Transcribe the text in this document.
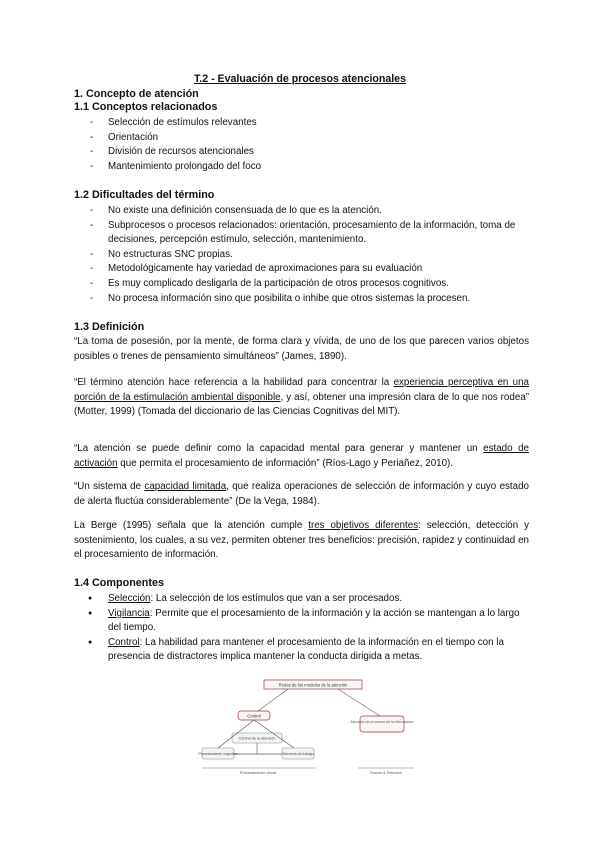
T.2 - Evaluación de procesos atencionales
1. Concepto de atención
1.1 Conceptos relacionados
- Selección de estímulos relevantes
- Orientación
- División de recursos atencionales
- Mantenimiento prolongado del foco
1.2 Dificultades del término
- No existe una definición consensuada de lo que es la atención.
- Subprocesos o procesos relacionados: orientación, procesamiento de la información, toma de decisiones, percepción estímulo, selección, mantenimiento.
- No estructuras SNC propias.
- Metodológicamente hay variedad de aproximaciones para su evaluación
- Es muy complicado desligarla de la participación de otros procesos cognitivos.
- No procesa información sino que posibilita o inhibe que otros sistemas la procesen.
1.3 Definición
“La toma de posesión, por la mente, de forma clara y vívida, de uno de los que parecen varios objetos posibles o trenes de pensamiento simultáneos” (James, 1890).
“El término atención hace referencia a la habilidad para concentrar la experiencia perceptiva en una porción de la estimulación ambiental disponible, y así, obtener una impresión clara de lo que nos rodea” (Motter, 1999) (Tomada del diccionario de las Ciencias Cognitivas del MIT).
“La atención se puede definir como la capacidad mental para generar y mantener un estado de activación que permita el procesamiento de información” (Ríos-Lago y Periañez, 2010).
“Un sistema de capacidad limitada, que realiza operaciones de selección de información y cuyo estado de alerta fluctúa considerablemente” (De la Vega, 1984).
La Berge (1995) señala que la atención cumple tres objetivos diferentes: selección, detección y sostenimiento, los cuales, a su vez, permiten obtener tres beneficios: precisión, rapidez y continuidad en el procesamiento de información.
1.4 Componentes
● Selección: La selección de los estímulos que van a ser procesados.
● Vigilancia: Permite que el procesamiento de la información y la acción se mantengan a lo largo del tiempo.
● Control: La habilidad para mantener el procesamiento de la información en el tiempo con la presencia de distractores implica mantener la conducta dirigida a metas.
Redes de los modelos de la atención
Control
Atención de procesos de la información
Control de la atención
Procesamiento cognitivo	Memoria de trabajo
Procesamiento visual	Posner & Petersen
